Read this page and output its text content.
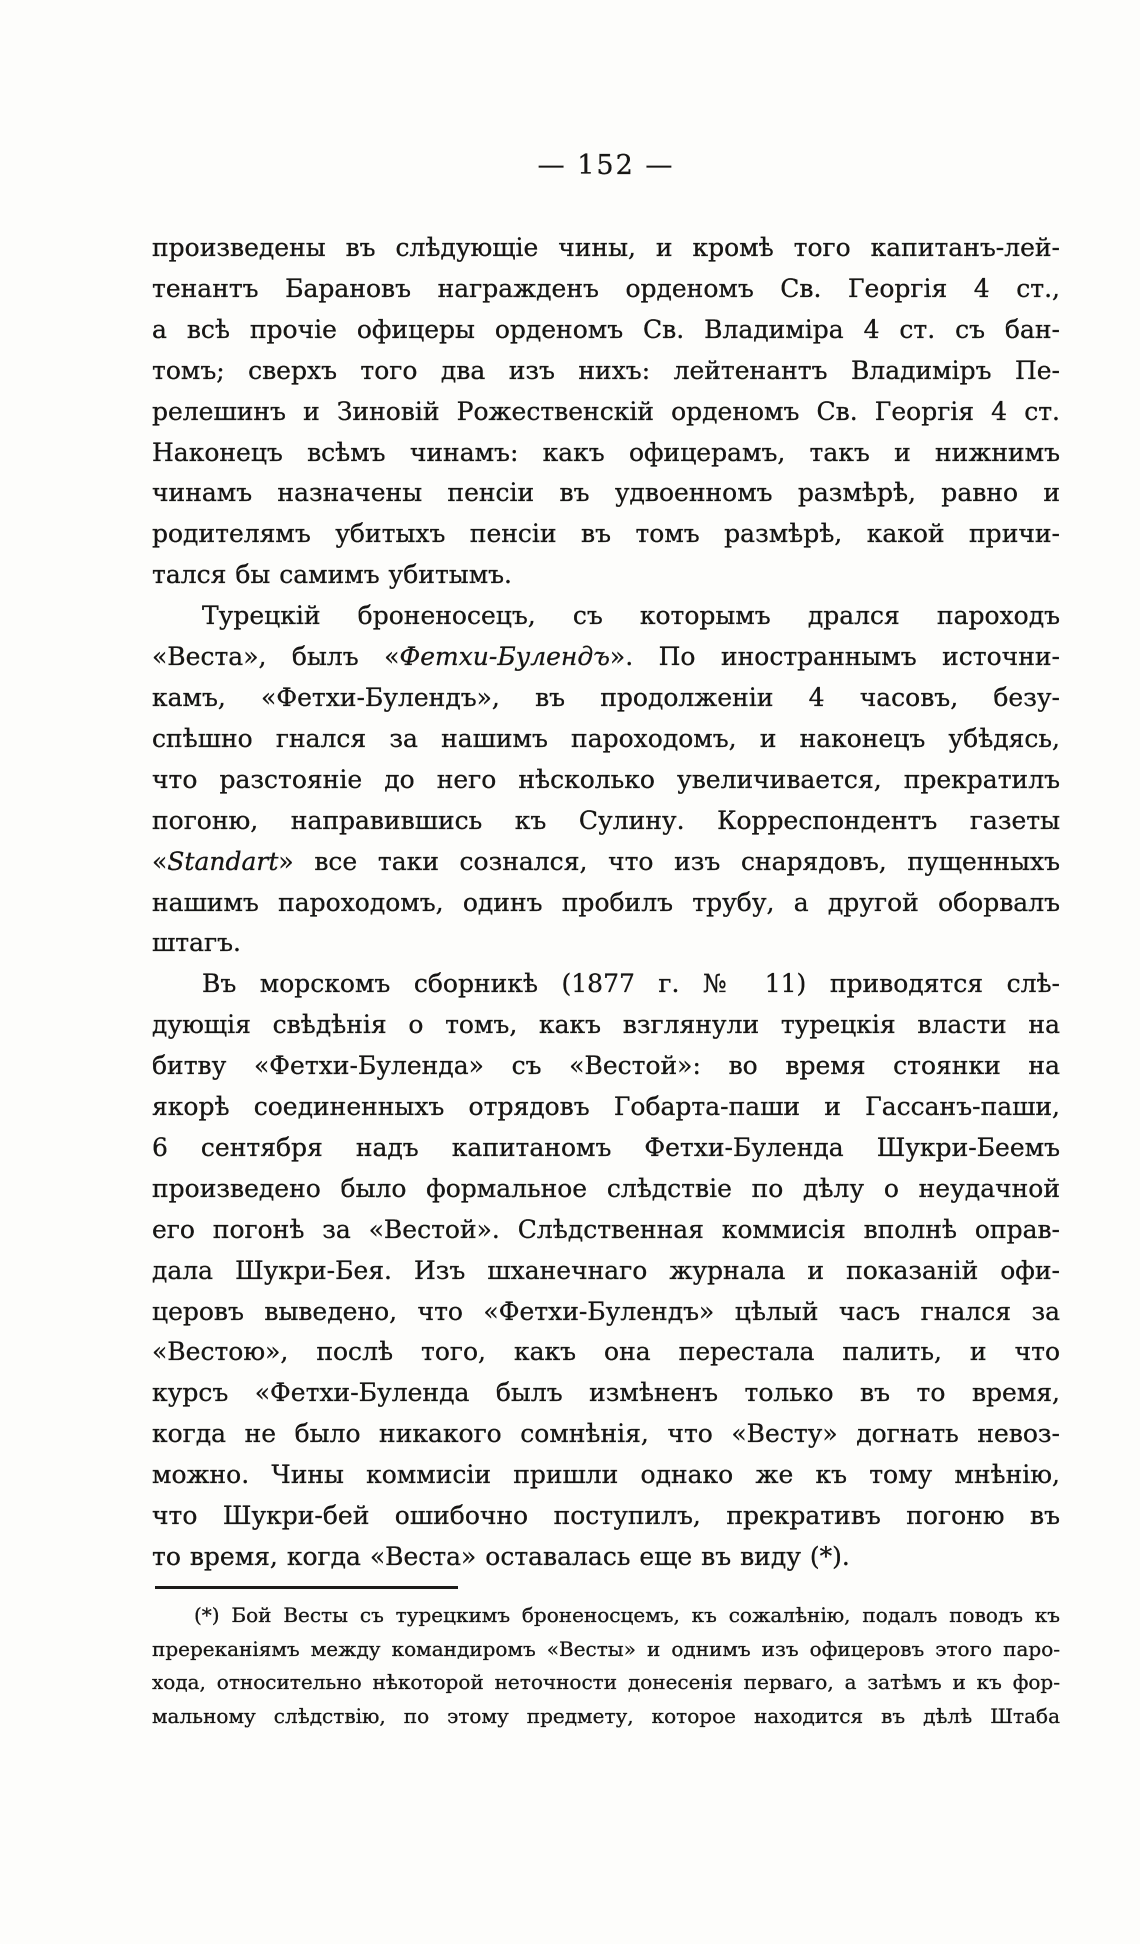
— 152 —
произведены въ слѣдующіе чины, и кромѣ того капитанъ-лей-
тенантъ Барановъ награжденъ орденомъ Св. Георгія 4 ст.,
а всѣ прочіе офицеры орденомъ Св. Владиміра 4 ст. съ бан-
томъ; сверхъ того два изъ нихъ: лейтенантъ Владиміръ Пе-
релешинъ и Зиновій Рожественскій орденомъ Св. Георгія 4 ст.
Наконецъ всѣмъ чинамъ: какъ офицерамъ, такъ и нижнимъ
чинамъ назначены пенсіи въ удвоенномъ размѣрѣ, равно и
родителямъ убитыхъ пенсіи въ томъ размѣрѣ, какой причи-
тался бы самимъ убитымъ.
Турецкій броненосецъ, съ которымъ дрался пароходъ
«Веста», былъ «Фетхи-Булендъ». По иностраннымъ источни-
камъ, «Фетхи-Булендъ», въ продолженіи 4 часовъ, безу-
спѣшно гнался за нашимъ пароходомъ, и наконецъ убѣдясь,
что разстояніе до него нѣсколько увеличивается, прекратилъ
погоню, направившись къ Сулину. Корреспондентъ газеты
«Standart» все таки сознался, что изъ снарядовъ, пущенныхъ
нашимъ пароходомъ, одинъ пробилъ трубу, а другой оборвалъ
штагъ.
Въ морскомъ сборникѣ (1877 г. № 11) приводятся слѣ-
дующія свѣдѣнія о томъ, какъ взглянули турецкія власти на
битву «Фетхи-Буленда» съ «Вестой»: во время стоянки на
якорѣ соединенныхъ отрядовъ Гобарта-паши и Гассанъ-паши,
6 сентября надъ капитаномъ Фетхи-Буленда Шукри-Беемъ
произведено было формальное слѣдствіе по дѣлу о неудачной
его погонѣ за «Вестой». Слѣдственная коммисія вполнѣ оправ-
дала Шукри-Бея. Изъ шханечнаго журнала и показаній офи-
церовъ выведено, что «Фетхи-Булендъ» цѣлый часъ гнался за
«Вестою», послѣ того, какъ она перестала палить, и что
курсъ «Фетхи-Буленда былъ измѣненъ только въ то время,
когда не было никакого сомнѣнія, что «Весту» догнать невоз-
можно. Чины коммисіи пришли однако же къ тому мнѣнію,
что Шукри-бей ошибочно поступилъ, прекративъ погоню въ
то время, когда «Веста» оставалась еще въ виду (*).
(*) Бой Весты съ турецкимъ броненосцемъ, къ сожалѣнію, подалъ поводъ къ
пререканіямъ между командиромъ «Весты» и однимъ изъ офицеровъ этого паро-
хода, относительно нѣкоторой неточности донесенія перваго, а затѣмъ и къ фор-
мальному слѣдствію, по этому предмету, которое находится въ дѣлѣ Штаба
